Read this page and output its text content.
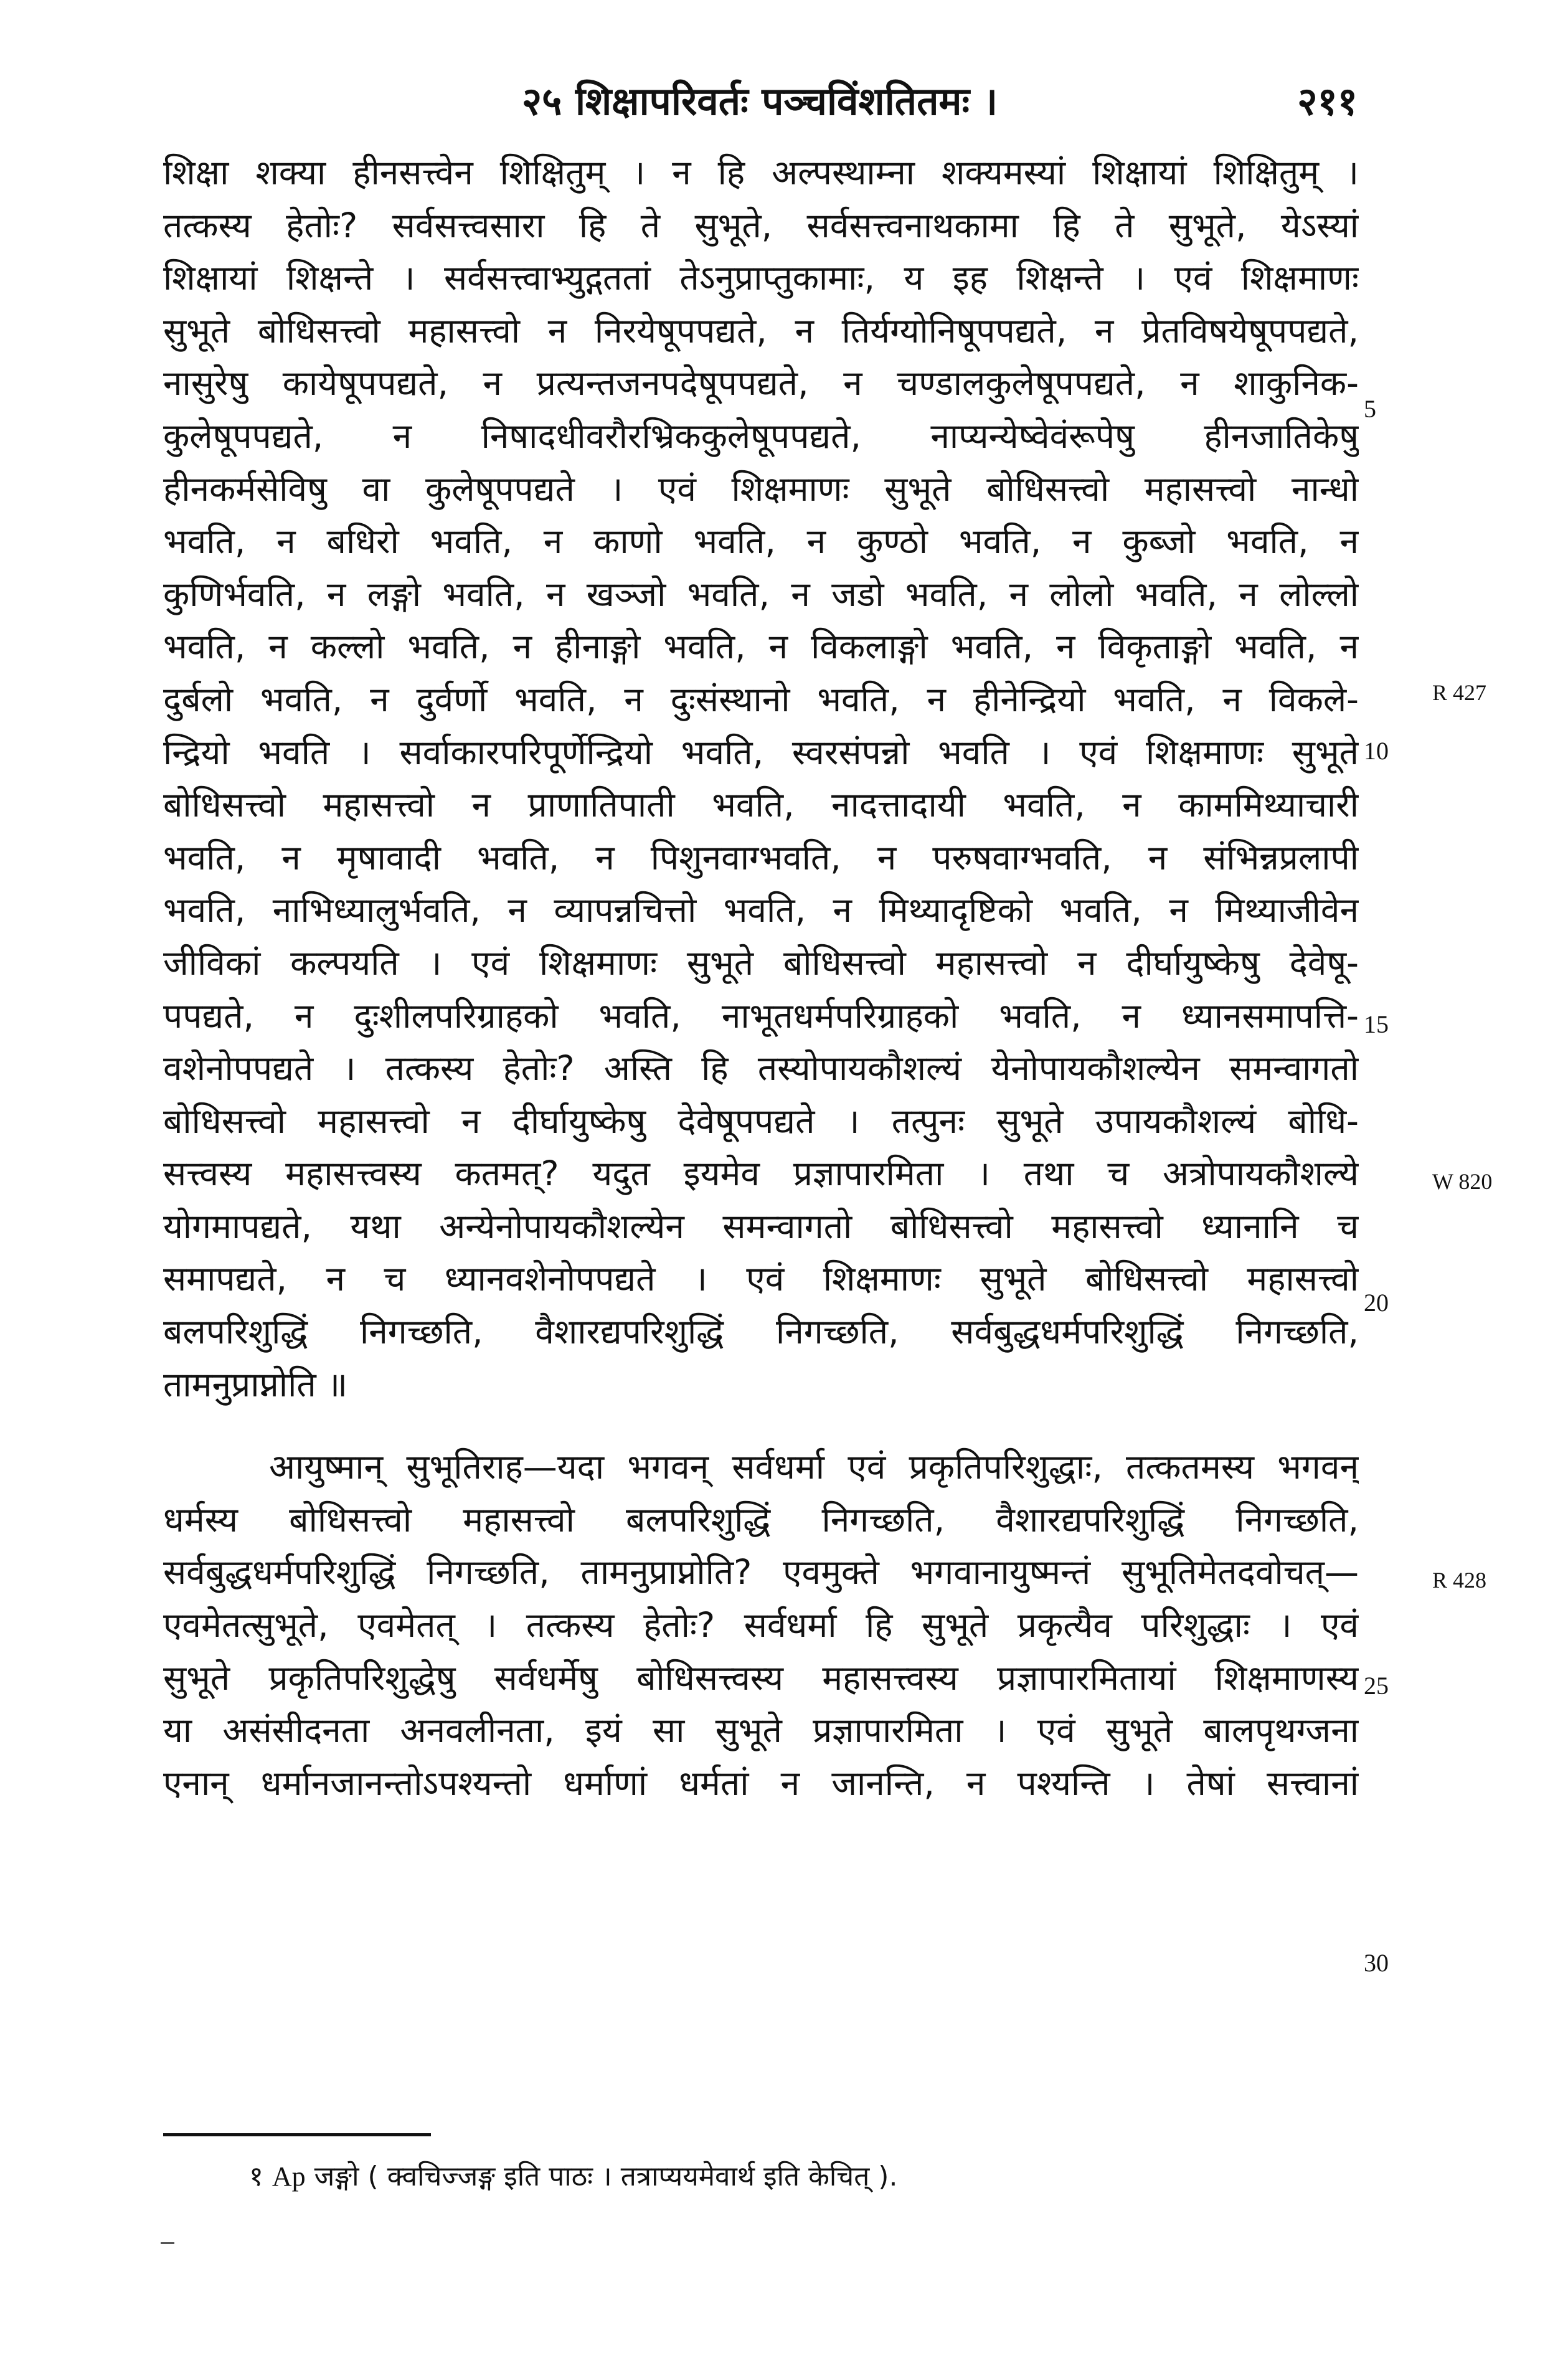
२५ शिक्षापरिवर्तः पञ्चविंशतितमः ।	२११
शिक्षा शक्या हीनसत्त्वेन शिक्षितुम् । न हि अल्पस्थाम्ना शक्यमस्यां शिक्षायां शिक्षितुम् ।
तत्कस्य हेतोः? सर्वसत्त्वसारा हि ते सुभूते, सर्वसत्त्वनाथकामा हि ते सुभूते, येऽस्यां
शिक्षायां शिक्षन्ते । सर्वसत्त्वाभ्युद्गततां तेऽनुप्राप्तुकामाः, य इह शिक्षन्ते । एवं शिक्षमाणः
सुभूते बोधिसत्त्वो महासत्त्वो न निरयेषूपपद्यते, न तिर्यग्योनिषूपपद्यते, न प्रेतविषयेषूपपद्यते,
नासुरेषु कायेषूपपद्यते, न प्रत्यन्तजनपदेषूपपद्यते, न चण्डालकुलेषूपपद्यते, न शाकुनिक-
कुलेषूपपद्यते, न निषादधीवरौरभ्रिककुलेषूपपद्यते, नाप्यन्येष्वेवंरूपेषु हीनजातिकेषु
हीनकर्मसेविषु वा कुलेषूपपद्यते । एवं शिक्षमाणः सुभूते बोधिसत्त्वो महासत्त्वो नान्धो
भवति, न बधिरो भवति, न काणो भवति, न कुण्ठो भवति, न कुब्जो भवति, न
कुणिर्भवति, न लङ्गो भवति, न खञ्जो भवति, न जडो भवति, न लोलो भवति, न लोल्लो
भवति, न कल्लो भवति, न हीनाङ्गो भवति, न विकलाङ्गो भवति, न विकृताङ्गो भवति, न
दुर्बलो भवति, न दुर्वर्णो भवति, न दुःसंस्थानो भवति, न हीनेन्द्रियो भवति, न विकले-
न्द्रियो भवति । सर्वाकारपरिपूर्णेन्द्रियो भवति, स्वरसंपन्नो भवति । एवं शिक्षमाणः सुभूते
बोधिसत्त्वो महासत्त्वो न प्राणातिपाती भवति, नादत्तादायी भवति, न काममिथ्याचारी
भवति, न मृषावादी भवति, न पिशुनवाग्भवति, न परुषवाग्भवति, न संभिन्नप्रलापी
भवति, नाभिध्यालुर्भवति, न व्यापन्नचित्तो भवति, न मिथ्यादृष्टिको भवति, न मिथ्याजीवेन
जीविकां कल्पयति । एवं शिक्षमाणः सुभूते बोधिसत्त्वो महासत्त्वो न दीर्घायुष्केषु देवेषू-
पपद्यते, न दुःशीलपरिग्राहको भवति, नाभूतधर्मपरिग्राहको भवति, न ध्यानसमापत्ति-
वशेनोपपद्यते । तत्कस्य हेतोः? अस्ति हि तस्योपायकौशल्यं येनोपायकौशल्येन समन्वागतो
बोधिसत्त्वो महासत्त्वो न दीर्घायुष्केषु देवेषूपपद्यते । तत्पुनः सुभूते उपायकौशल्यं बोधि-
सत्त्वस्य महासत्त्वस्य कतमत्? यदुत इयमेव प्रज्ञापारमिता । तथा च अत्रोपायकौशल्ये
योगमापद्यते, यथा अन्येनोपायकौशल्येन समन्वागतो बोधिसत्त्वो महासत्त्वो ध्यानानि च
समापद्यते, न च ध्यानवशेनोपपद्यते । एवं शिक्षमाणः सुभूते बोधिसत्त्वो महासत्त्वो
बलपरिशुद्धिं निगच्छति, वैशारद्यपरिशुद्धिं निगच्छति, सर्वबुद्धधर्मपरिशुद्धिं निगच्छति,
तामनुप्राप्नोति ॥
आयुष्मान् सुभूतिराह—यदा भगवन् सर्वधर्मा एवं प्रकृतिपरिशुद्धाः, तत्कतमस्य भगवन्
धर्मस्य बोधिसत्त्वो महासत्त्वो बलपरिशुद्धिं निगच्छति, वैशारद्यपरिशुद्धिं निगच्छति,
सर्वबुद्धधर्मपरिशुद्धिं निगच्छति, तामनुप्राप्नोति? एवमुक्ते भगवानायुष्मन्तं सुभूतिमेतदवोचत्—
एवमेतत्सुभूते, एवमेतत् । तत्कस्य हेतोः? सर्वधर्मा हि सुभूते प्रकृत्यैव परिशुद्धाः । एवं
सुभूते प्रकृतिपरिशुद्धेषु सर्वधर्मेषु बोधिसत्त्वस्य महासत्त्वस्य प्रज्ञापारमितायां शिक्षमाणस्य
या असंसीदनता अनवलीनता, इयं सा सुभूते प्रज्ञापारमिता । एवं सुभूते बालपृथग्जना
एनान् धर्मानजानन्तोऽपश्यन्तो धर्माणां धर्मतां न जानन्ति, न पश्यन्ति । तेषां सत्त्वानां
5
10
15
20
25
30
R 427
W 820
R 428
१ Ap जङ्गो ( क्वचिज्जङ्ग इति पाठः । तत्राप्ययमेवार्थ इति केचित् ).
